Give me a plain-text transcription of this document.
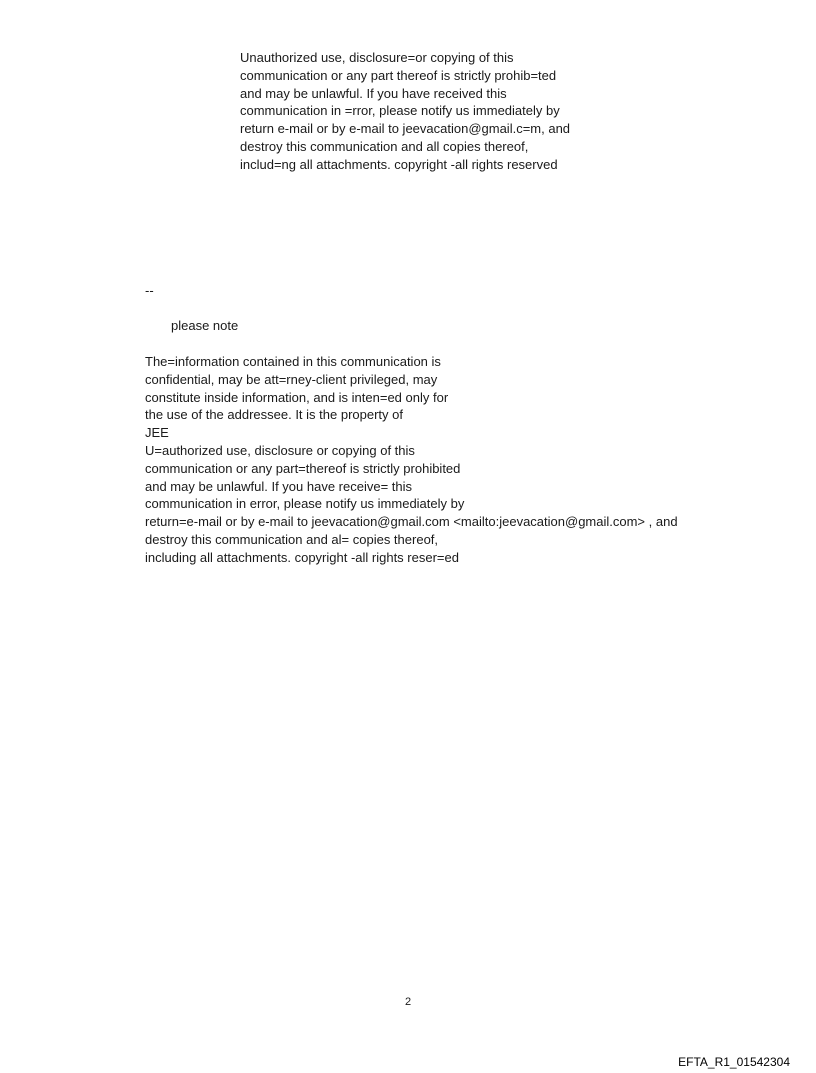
Unauthorized use, disclosure=or copying of this
communication or any part thereof is strictly prohib=ted
and may be unlawful. If you have received this
communication in =rror, please notify us immediately by
return e-mail or by e-mail to jeevacation@gmail.c=m, and
destroy this communication and all copies thereof,
includ=ng all attachments. copyright -all rights reserved
--
please note
The=information contained in this communication is
confidential, may be att=rney-client privileged, may
constitute inside information, and is inten=ed only for
the use of the addressee. It is the property of
JEE
U=authorized use, disclosure or copying of this
communication or any part=thereof is strictly prohibited
and may be unlawful. If you have receive= this
communication in error, please notify us immediately by
return=e-mail or by e-mail to jeevacation@gmail.com <mailto:jeevacation@gmail.com> , and
destroy this communication and al= copies thereof,
including all attachments. copyright -all rights reser=ed
2
EFTA_R1_01542304
